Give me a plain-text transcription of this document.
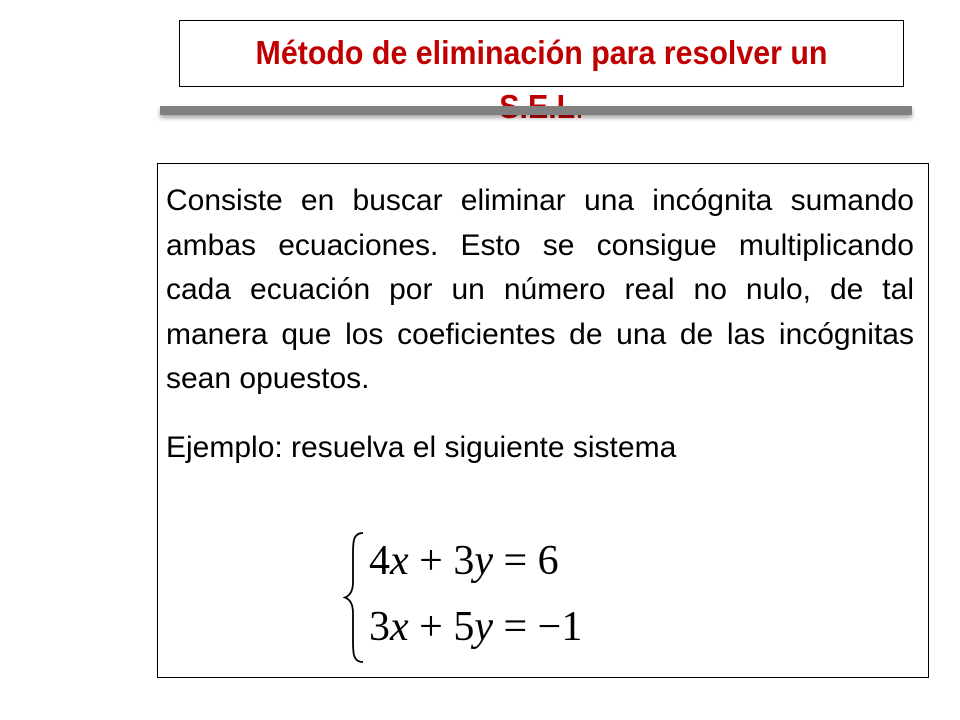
Método de eliminación para resolver un

Consiste en buscar eliminar una incógnita sumando ambas ecuaciones. Esto se consigue multiplicando cada ecuación por un número real no nulo, de tal manera que los coeficientes de una de las incógnitas sean opuestos.

Ejemplo: resuelva el siguiente sistema

4x + 3y = 6
3x + 5y = −1
